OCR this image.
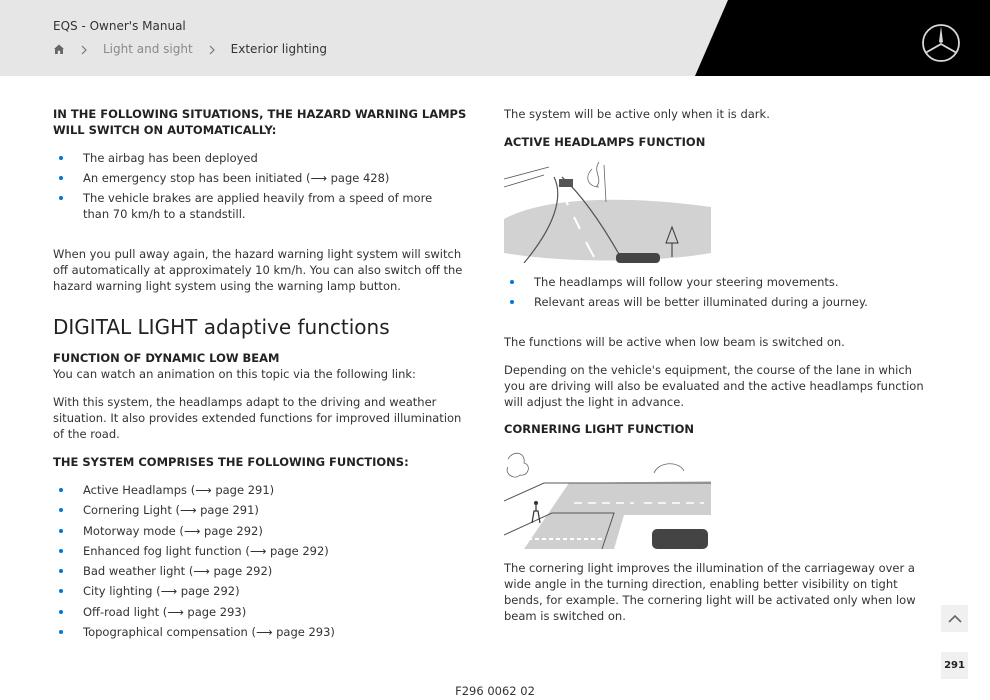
EQS - Owner's Manual
Light and sight	Exterior lighting
IN THE FOLLOWING SITUATIONS, THE HAZARD WARNING LAMPS WILL SWITCH ON AUTOMATICALLY:
The airbag has been deployed
An emergency stop has been initiated (⟶ page 428)
The vehicle brakes are applied heavily from a speed of more than 70 km/h to a standstill.
When you pull away again, the hazard warning light system will switch off automatically at approximately 10 km/h. You can also switch off the hazard warning light system using the warning lamp button.
DIGITAL LIGHT adaptive functions
FUNCTION OF DYNAMIC LOW BEAM
You can watch an animation on this topic via the following link:
With this system, the headlamps adapt to the driving and weather situation. It also provides extended functions for improved illumination of the road.
THE SYSTEM COMPRISES THE FOLLOWING FUNCTIONS:
Active Headlamps (⟶ page 291)
Cornering Light (⟶ page 291)
Motorway mode (⟶ page 292)
Enhanced fog light function (⟶ page 292)
Bad weather light (⟶ page 292)
City lighting (⟶ page 292)
Off-road light (⟶ page 293)
Topographical compensation (⟶ page 293)
The system will be active only when it is dark.
ACTIVE HEADLAMPS FUNCTION
The headlamps will follow your steering movements.
Relevant areas will be better illuminated during a journey.
The functions will be active when low beam is switched on.
Depending on the vehicle's equipment, the course of the lane in which you are driving will also be evaluated and the active headlamps function will adjust the light in advance.
CORNERING LIGHT FUNCTION
The cornering light improves the illumination of the carriageway over a wide angle in the turning direction, enabling better visibility on tight bends, for example. The cornering light will be activated only when low beam is switched on.
F296 0062 02
291
